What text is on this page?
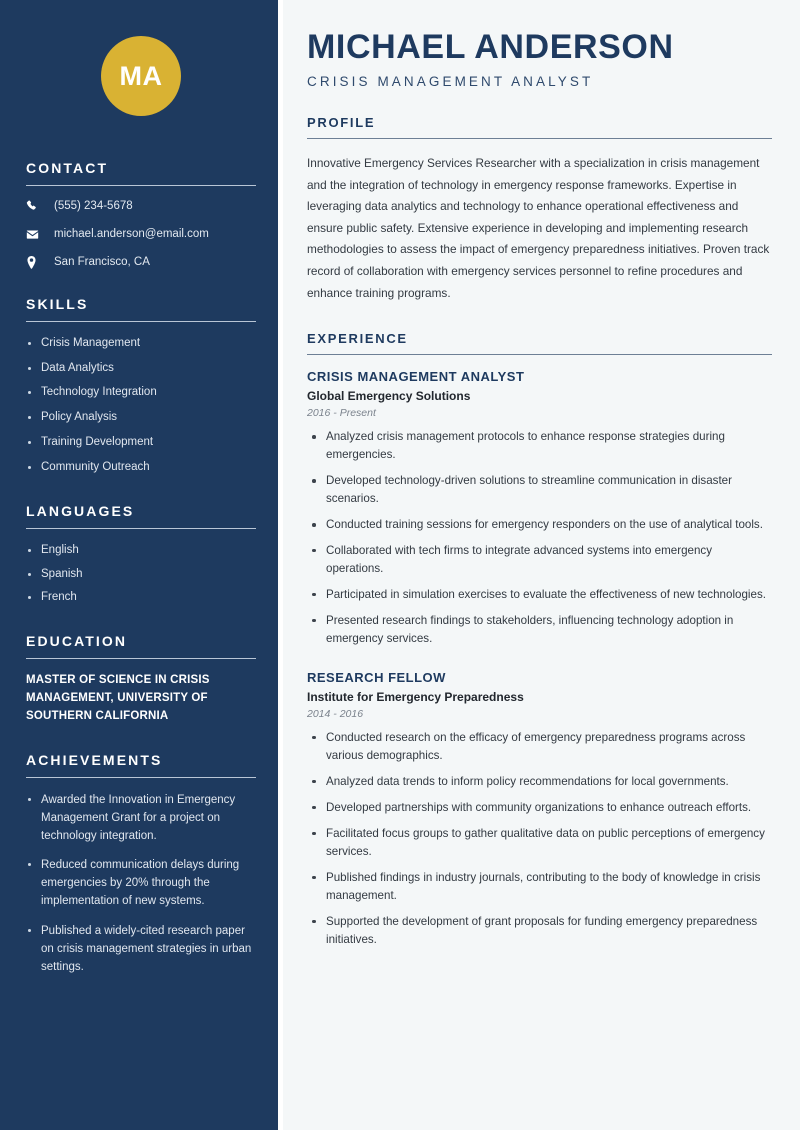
MA
CONTACT
(555) 234-5678
michael.anderson@email.com
San Francisco, CA
SKILLS
Crisis Management
Data Analytics
Technology Integration
Policy Analysis
Training Development
Community Outreach
LANGUAGES
English
Spanish
French
EDUCATION
MASTER OF SCIENCE IN CRISIS MANAGEMENT, UNIVERSITY OF SOUTHERN CALIFORNIA
ACHIEVEMENTS
Awarded the Innovation in Emergency Management Grant for a project on technology integration.
Reduced communication delays during emergencies by 20% through the implementation of new systems.
Published a widely-cited research paper on crisis management strategies in urban settings.
MICHAEL ANDERSON
CRISIS MANAGEMENT ANALYST
PROFILE

Innovative Emergency Services Researcher with a specialization in crisis management and the integration of technology in emergency response frameworks. Expertise in leveraging data analytics and technology to enhance operational effectiveness and ensure public safety. Extensive experience in developing and implementing research methodologies to assess the impact of emergency preparedness initiatives. Proven track record of collaboration with emergency services personnel to refine procedures and enhance training programs.

EXPERIENCE
CRISIS MANAGEMENT ANALYST
Global Emergency Solutions
2016 - Present
Analyzed crisis management protocols to enhance response strategies during emergencies.
Developed technology-driven solutions to streamline communication in disaster scenarios.
Conducted training sessions for emergency responders on the use of analytical tools.
Collaborated with tech firms to integrate advanced systems into emergency operations.
Participated in simulation exercises to evaluate the effectiveness of new technologies.
Presented research findings to stakeholders, influencing technology adoption in emergency services.
RESEARCH FELLOW
Institute for Emergency Preparedness
2014 - 2016
Conducted research on the efficacy of emergency preparedness programs across various demographics.
Analyzed data trends to inform policy recommendations for local governments.
Developed partnerships with community organizations to enhance outreach efforts.
Facilitated focus groups to gather qualitative data on public perceptions of emergency services.
Published findings in industry journals, contributing to the body of knowledge in crisis management.
Supported the development of grant proposals for funding emergency preparedness initiatives.
